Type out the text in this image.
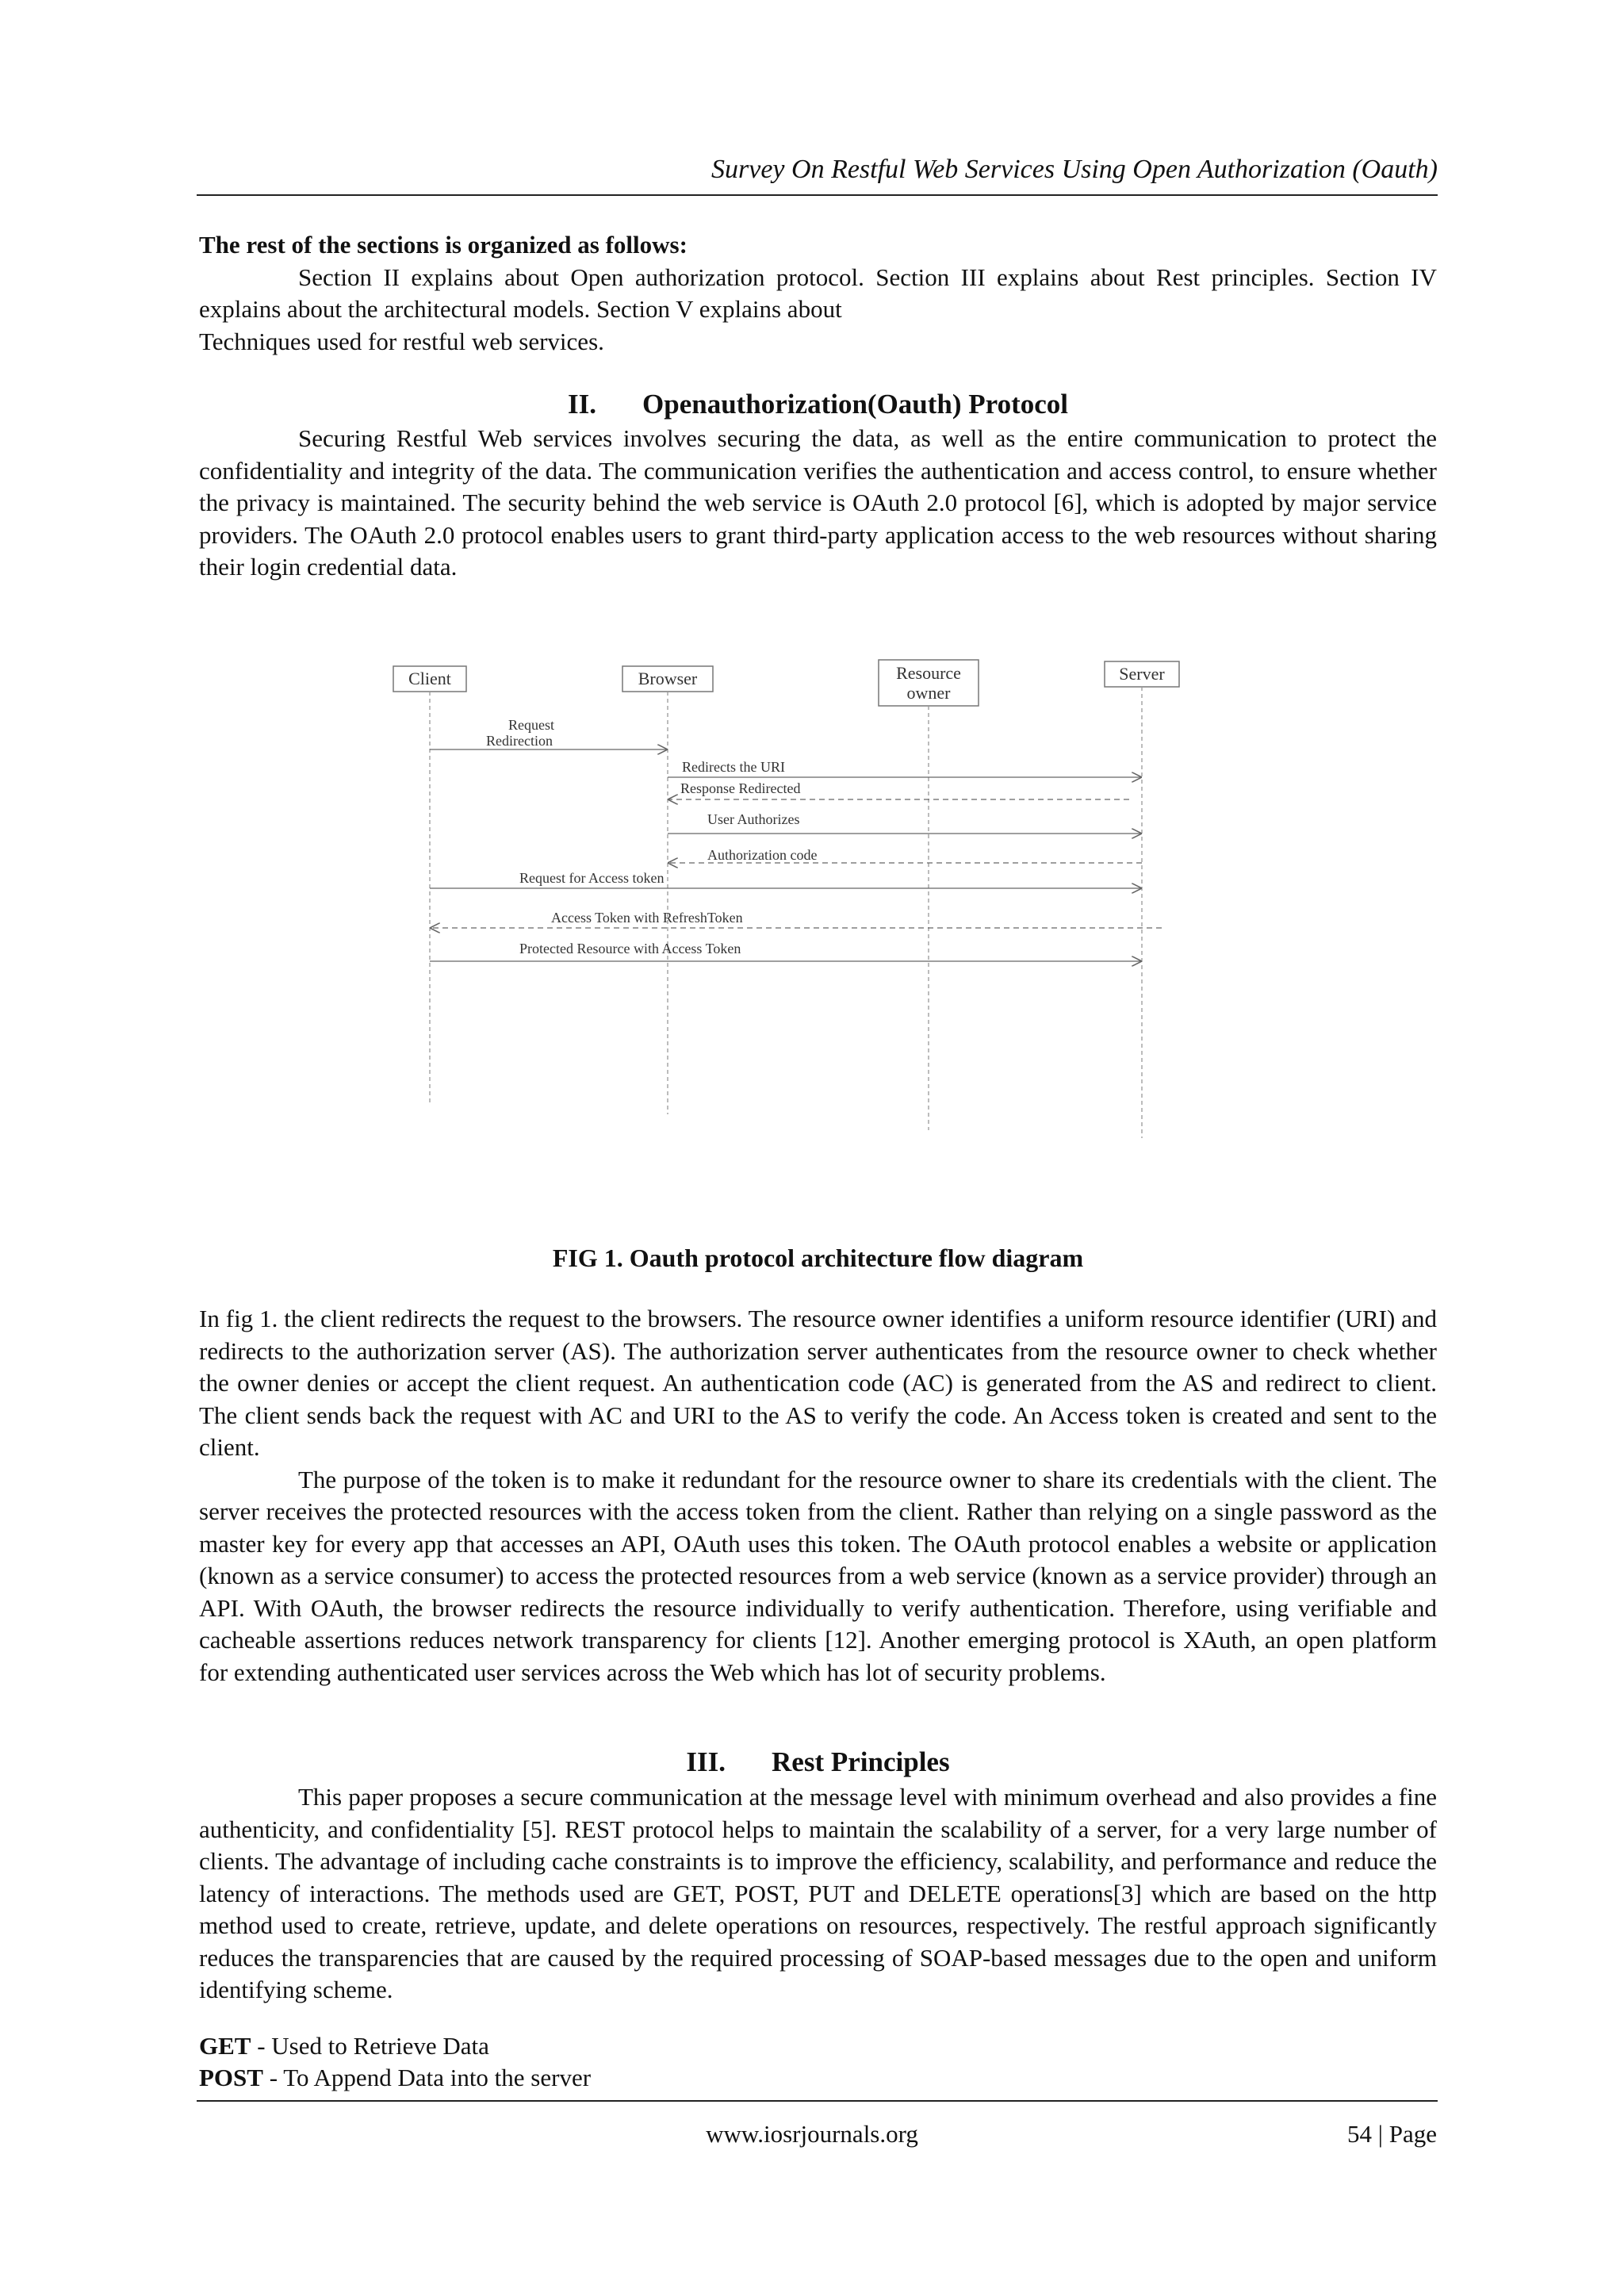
Survey On Restful Web Services Using Open Authorization (Oauth)

The rest of the sections is organized as follows:

Section II explains about Open authorization protocol. Section III explains about Rest principles. Section IV explains about the architectural models. Section V explains about

Techniques used for restful web services.

II. Openauthorization(Oauth) Protocol

Securing Restful Web services involves securing the data, as well as the entire communication to protect the confidentiality and integrity of the data. The communication verifies the authentication and access control, to ensure whether the privacy is maintained. The security behind the web service is OAuth 2.0 protocol [6], which is adopted by major service providers. The OAuth 2.0 protocol enables users to grant third-party application access to the web resources without sharing their login credential data.

Client	Browser	Resource
owner
Server
Request
Redirection
Redirects the URI
Response Redirected
User Authorizes
Authorization code
Request for Access token
Access Token with RefreshToken
Protected Resource with Access Token
FIG 1. Oauth protocol architecture flow diagram

In fig 1. the client redirects the request to the browsers. The resource owner identifies a uniform resource identifier (URI) and redirects to the authorization server (AS). The authorization server authenticates from the resource owner to check whether the owner denies or accept the client request. An authentication code (AC) is generated from the AS and redirect to client. The client sends back the request with AC and URI to the AS to verify the code. An Access token is created and sent to the client.

The purpose of the token is to make it redundant for the resource owner to share its credentials with the client. The server receives the protected resources with the access token from the client. Rather than relying on a single password as the master key for every app that accesses an API, OAuth uses this token. The OAuth protocol enables a website or application (known as a service consumer) to access the protected resources from a web service (known as a service provider) through an API. With OAuth, the browser redirects the resource individually to verify authentication. Therefore, using verifiable and cacheable assertions reduces network transparency for clients [12]. Another emerging protocol is XAuth, an open platform for extending authenticated user services across the Web which has lot of security problems.

III. Rest Principles

This paper proposes a secure communication at the message level with minimum overhead and also provides a fine authenticity, and confidentiality [5]. REST protocol helps to maintain the scalability of a server, for a very large number of clients. The advantage of including cache constraints is to improve the efficiency, scalability, and performance and reduce the latency of interactions. The methods used are GET, POST, PUT and DELETE operations[3] which are based on the http method used to create, retrieve, update, and delete operations on resources, respectively. The restful approach significantly reduces the transparencies that are caused by the required processing of SOAP-based messages due to the open and uniform identifying scheme.

GET - Used to Retrieve Data

POST - To Append Data into the server

www.iosrjournals.org	54 | Page
